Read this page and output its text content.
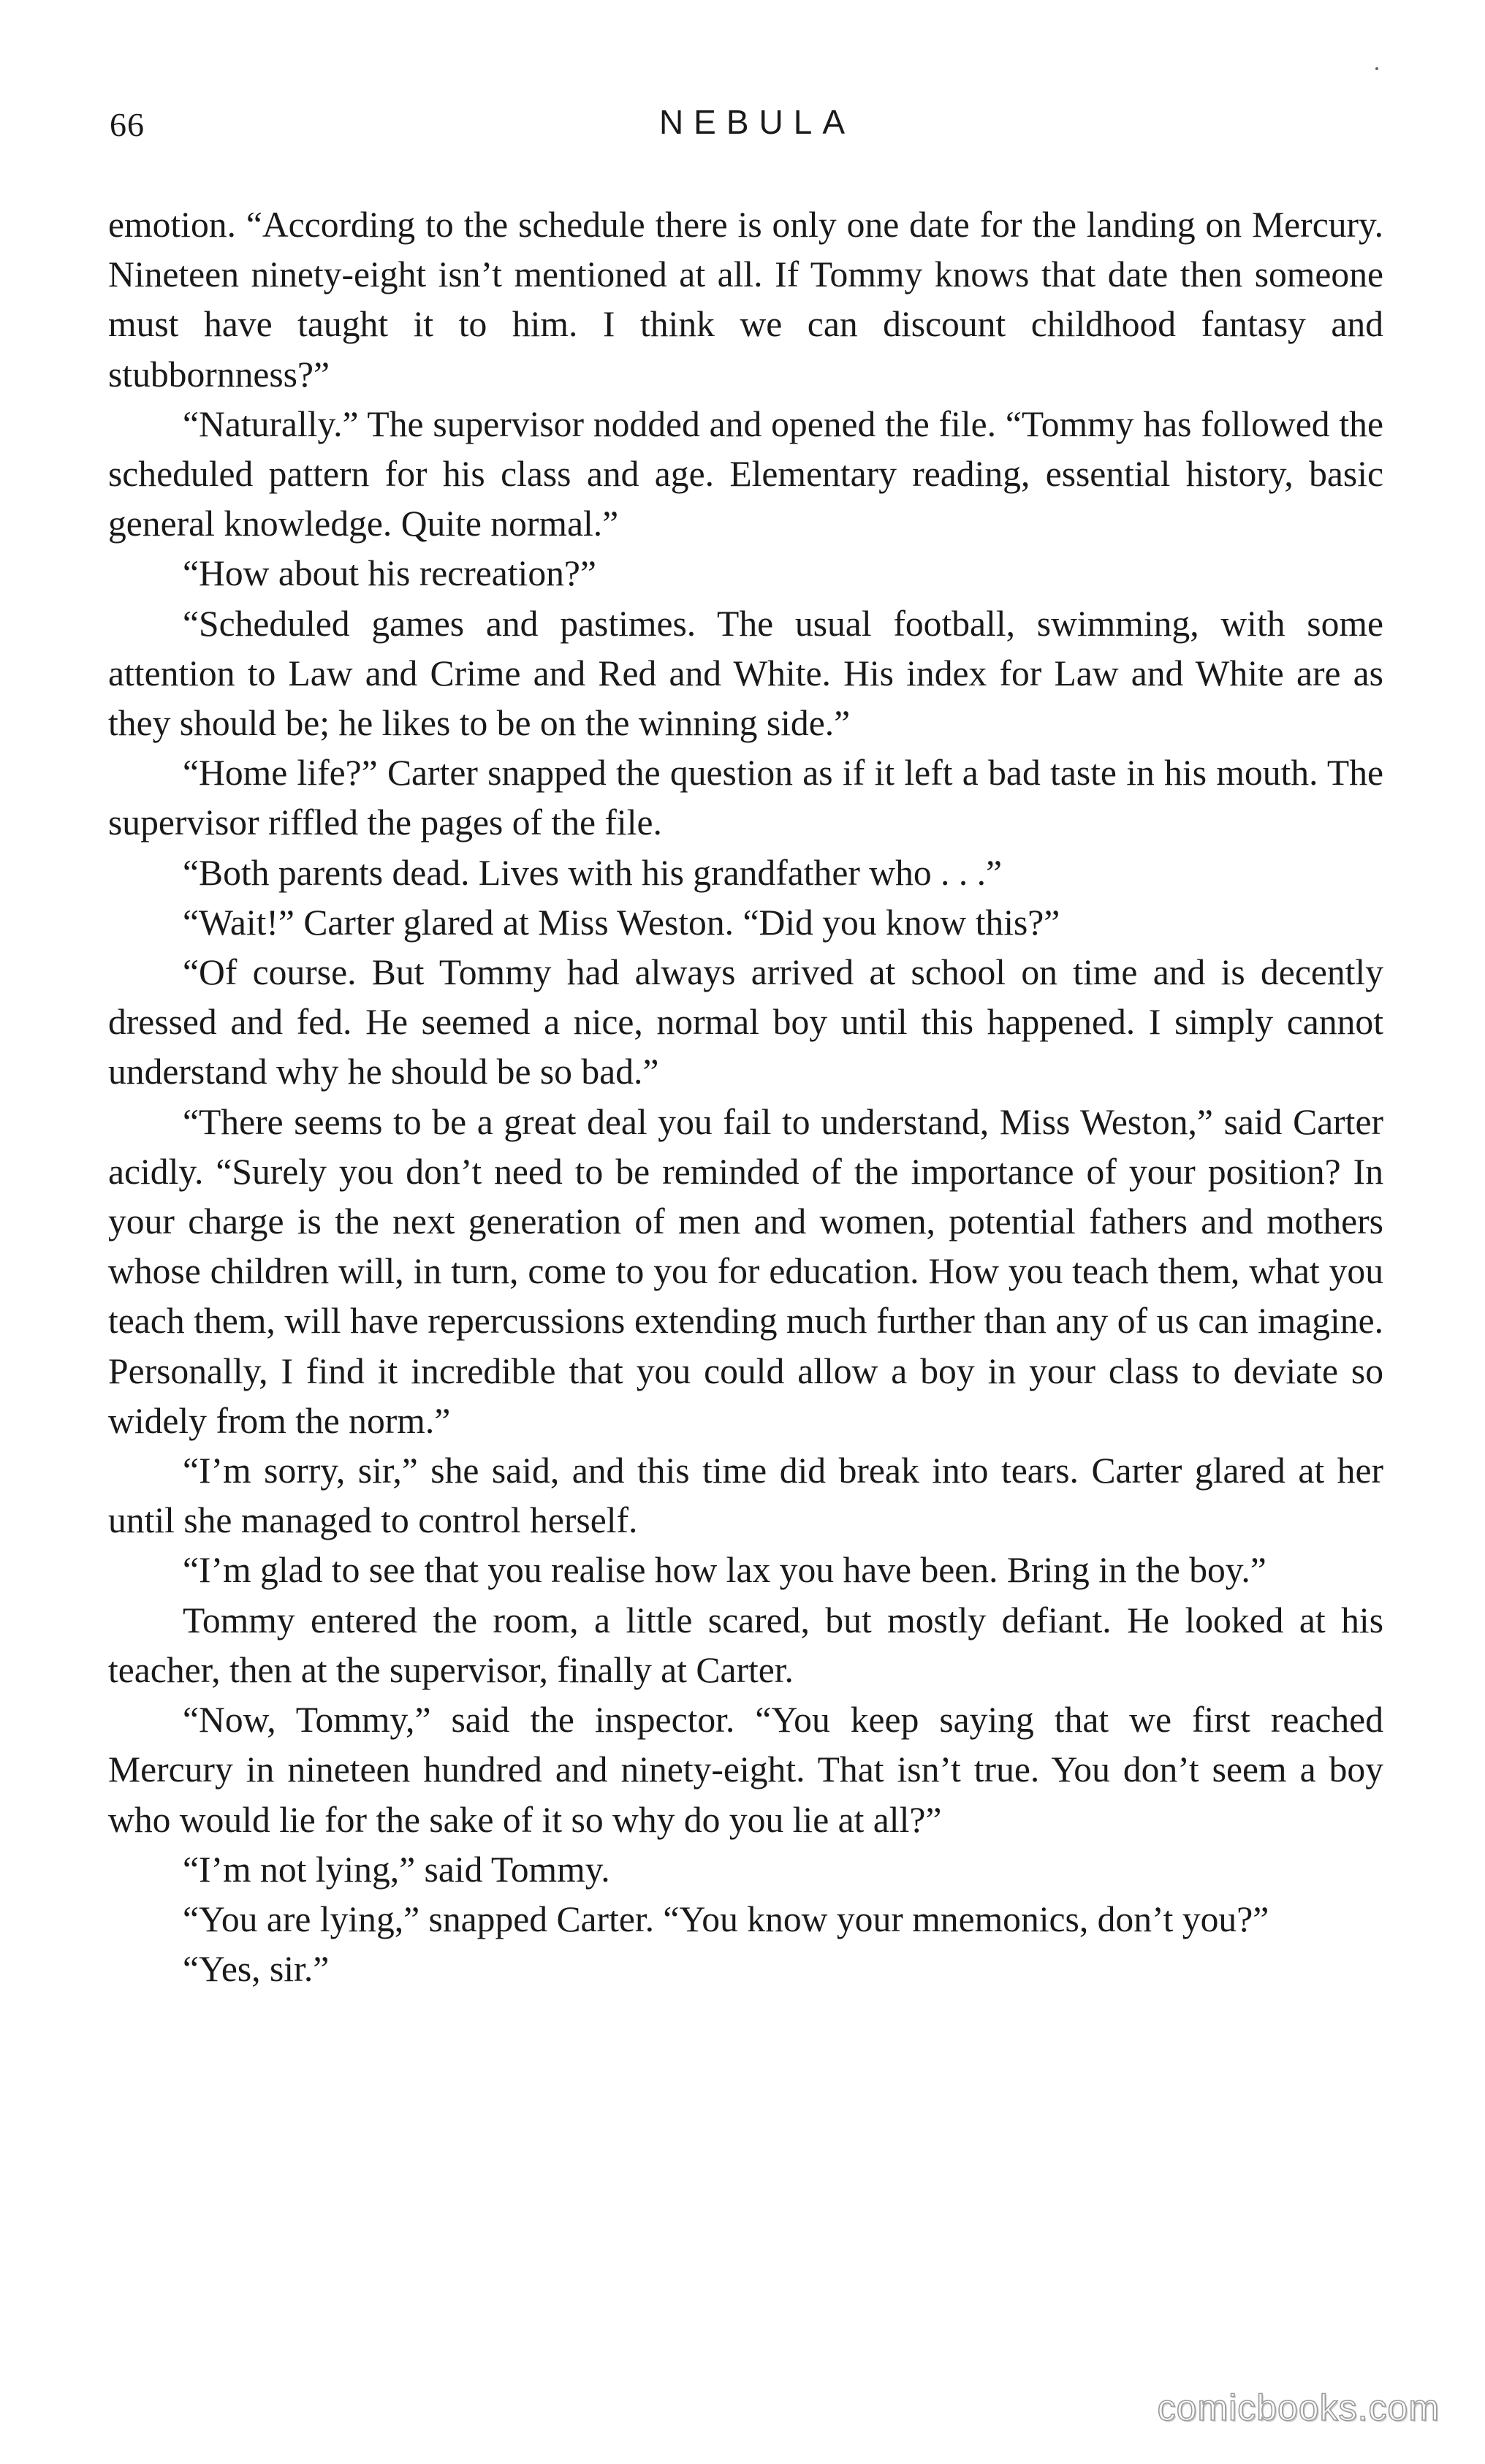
66	NEBULA

emotion. “According to the schedule there is only one date for the landing on Mercury. Nineteen ninety-eight isn’t mentioned at all. If Tommy knows that date then someone must have taught it to him. I think we can discount childhood fantasy and stubbornness?”

“Naturally.” The supervisor nodded and opened the file. “Tommy has followed the scheduled pattern for his class and age. Elementary reading, essential history, basic general knowledge. Quite normal.”

“How about his recreation?”

“Scheduled games and pastimes. The usual football, swimming, with some attention to Law and Crime and Red and White. His index for Law and White are as they should be; he likes to be on the winning side.”

“Home life?” Carter snapped the question as if it left a bad taste in his mouth. The supervisor riffled the pages of the file.

“Both parents dead. Lives with his grandfather who . . .”

“Wait!” Carter glared at Miss Weston. “Did you know this?”

“Of course. But Tommy had always arrived at school on time and is decently dressed and fed. He seemed a nice, normal boy until this happened. I simply cannot understand why he should be so bad.”

“There seems to be a great deal you fail to understand, Miss Weston,” said Carter acidly. “Surely you don’t need to be reminded of the importance of your position? In your charge is the next generation of men and women, potential fathers and mothers whose children will, in turn, come to you for education. How you teach them, what you teach them, will have repercussions extending much further than any of us can imagine. Personally, I find it incredible that you could allow a boy in your class to deviate so widely from the norm.”

“I’m sorry, sir,” she said, and this time did break into tears. Carter glared at her until she managed to control herself.

“I’m glad to see that you realise how lax you have been. Bring in the boy.”

Tommy entered the room, a little scared, but mostly defiant. He looked at his teacher, then at the supervisor, finally at Carter.

“Now, Tommy,” said the inspector. “You keep saying that we first reached Mercury in nineteen hundred and ninety-eight. That isn’t true. You don’t seem a boy who would lie for the sake of it so why do you lie at all?”

“I’m not lying,” said Tommy.

“You are lying,” snapped Carter. “You know your mnemonics, don’t you?”

“Yes, sir.”

comicbooks.com
